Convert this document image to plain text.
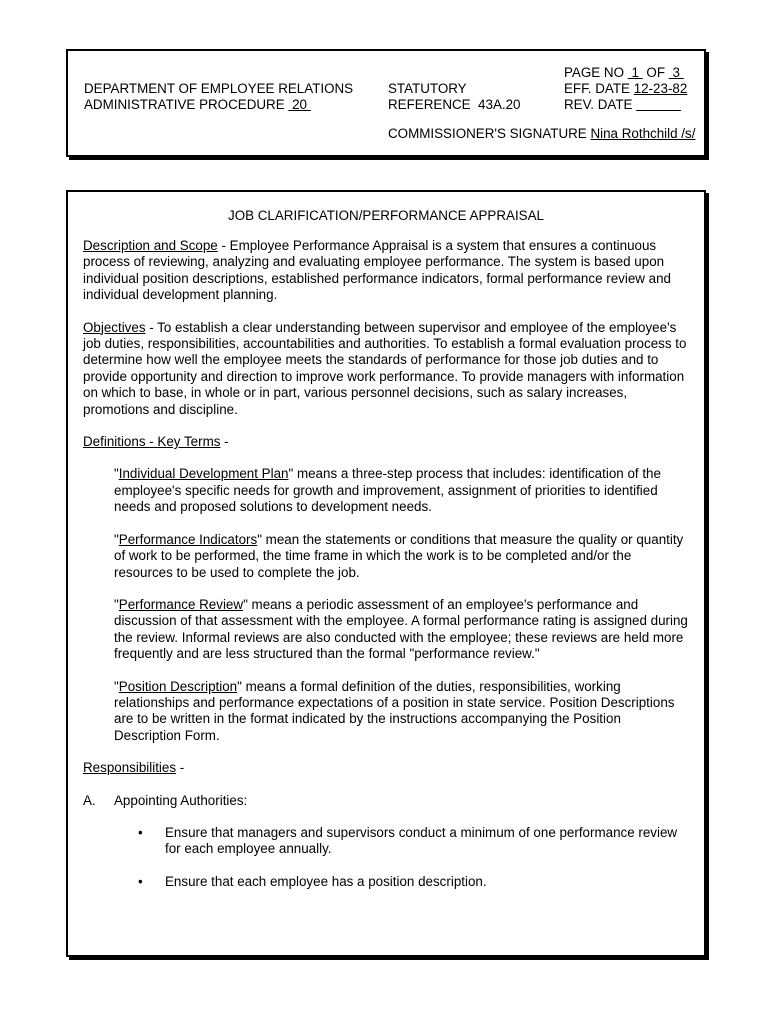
DEPARTMENT OF EMPLOYEE RELATIONS
ADMINISTRATIVE PROCEDURE 20
STATUTORY
REFERENCE 43A.20
PAGE NO 1 OF 3
EFF. DATE 12-23-82
REV. DATE
COMMISSIONER'S SIGNATURE Nina Rothchild /s/
JOB CLARIFICATION/PERFORMANCE APPRAISAL

Description and Scope - Employee Performance Appraisal is a system that ensures a continuous process of reviewing, analyzing and evaluating employee performance. The system is based upon individual position descriptions, established performance indicators, formal performance review and individual development planning.

Objectives - To establish a clear understanding between supervisor and employee of the employee's job duties, responsibilities, accountabilities and authorities. To establish a formal evaluation process to determine how well the employee meets the standards of performance for those job duties and to provide opportunity and direction to improve work performance. To provide managers with information on which to base, in whole or in part, various personnel decisions, such as salary increases, promotions and discipline.

Definitions - Key Terms -

"Individual Development Plan" means a three-step process that includes: identification of the employee's specific needs for growth and improvement, assignment of priorities to identified needs and proposed solutions to development needs.

"Performance Indicators" mean the statements or conditions that measure the quality or quantity of work to be performed, the time frame in which the work is to be completed and/or the resources to be used to complete the job.

"Performance Review" means a periodic assessment of an employee's performance and discussion of that assessment with the employee. A formal performance rating is assigned during the review. Informal reviews are also conducted with the employee; these reviews are held more frequently and are less structured than the formal "performance review."

"Position Description" means a formal definition of the duties, responsibilities, working relationships and performance expectations of a position in state service. Position Descriptions are to be written in the format indicated by the instructions accompanying the Position Description Form.

Responsibilities -

A.	Appointing Authorities:
•	Ensure that managers and supervisors conduct a minimum of one performance review for each employee annually.
•	Ensure that each employee has a position description.
